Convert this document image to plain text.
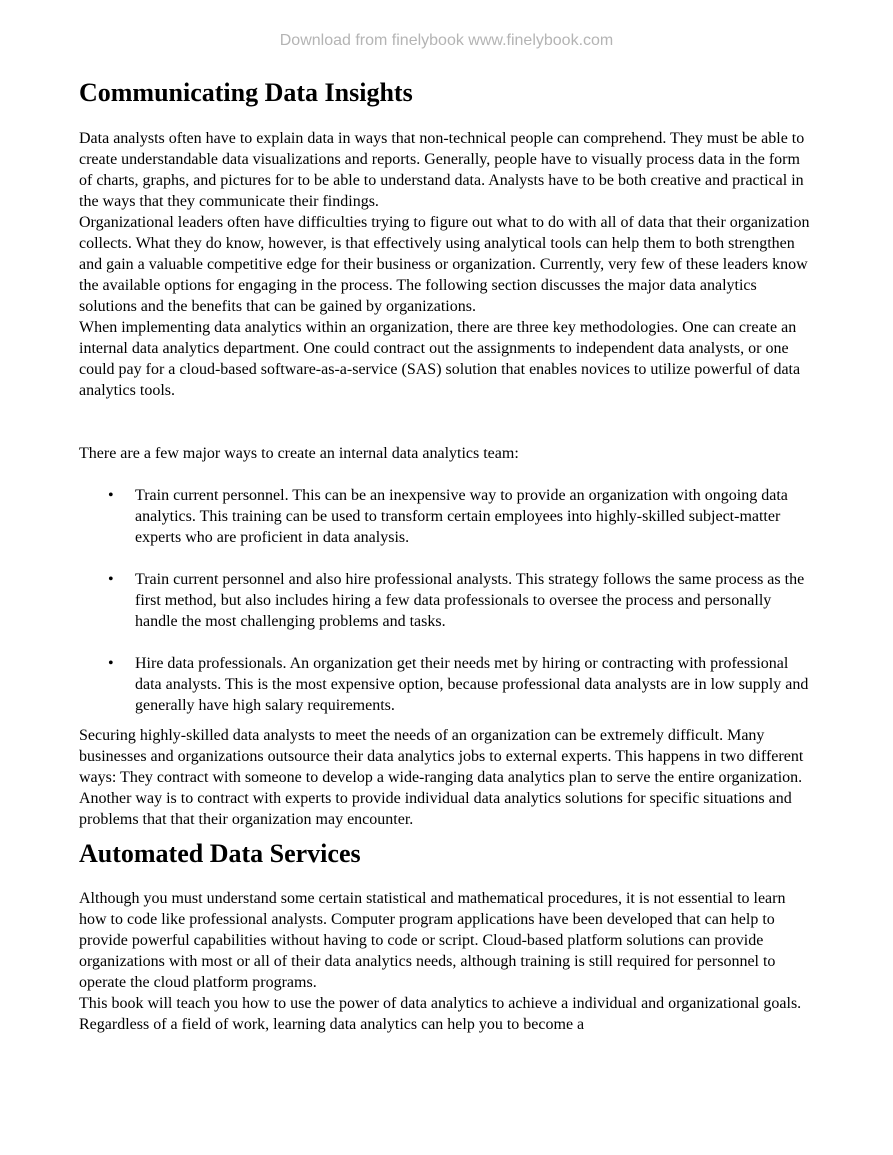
Download from finelybook www.finelybook.com
Communicating Data Insights

Data analysts often have to explain data in ways that non-technical people can comprehend. They must be able to create understandable data visualizations and reports. Generally, people have to visually process data in the form of charts, graphs, and pictures for to be able to understand data. Analysts have to be both creative and practical in the ways that they communicate their findings.

Organizational leaders often have difficulties trying to figure out what to do with all of data that their organization collects. What they do know, however, is that effectively using analytical tools can help them to both strengthen and gain a valuable competitive edge for their business or organization. Currently, very few of these leaders know the available options for engaging in the process. The following section discusses the major data analytics solutions and the benefits that can be gained by organizations.

When implementing data analytics within an organization, there are three key methodologies. One can create an internal data analytics department. One could contract out the assignments to independent data analysts, or one could pay for a cloud-based software-as-a-service (SAS) solution that enables novices to utilize powerful of data analytics tools.

There are a few major ways to create an internal data analytics team:

• Train current personnel. This can be an inexpensive way to provide an organization with ongoing data analytics. This training can be used to transform certain employees into highly-skilled subject-matter experts who are proficient in data analysis.
• Train current personnel and also hire professional analysts. This strategy follows the same process as the first method, but also includes hiring a few data professionals to oversee the process and personally handle the most challenging problems and tasks.
• Hire data professionals. An organization get their needs met by hiring or contracting with professional data analysts. This is the most expensive option, because professional data analysts are in low supply and generally have high salary requirements.

Securing highly-skilled data analysts to meet the needs of an organization can be extremely difficult. Many businesses and organizations outsource their data analytics jobs to external experts. This happens in two different ways: They contract with someone to develop a wide-ranging data analytics plan to serve the entire organization. Another way is to contract with experts to provide individual data analytics solutions for specific situations and problems that that their organization may encounter.

Automated Data Services

Although you must understand some certain statistical and mathematical procedures, it is not essential to learn how to code like professional analysts. Computer program applications have been developed that can help to provide powerful capabilities without having to code or script. Cloud-based platform solutions can provide organizations with most or all of their data analytics needs, although training is still required for personnel to operate the cloud platform programs.

This book will teach you how to use the power of data analytics to achieve a individual and organizational goals. Regardless of a field of work, learning data analytics can help you to become a
